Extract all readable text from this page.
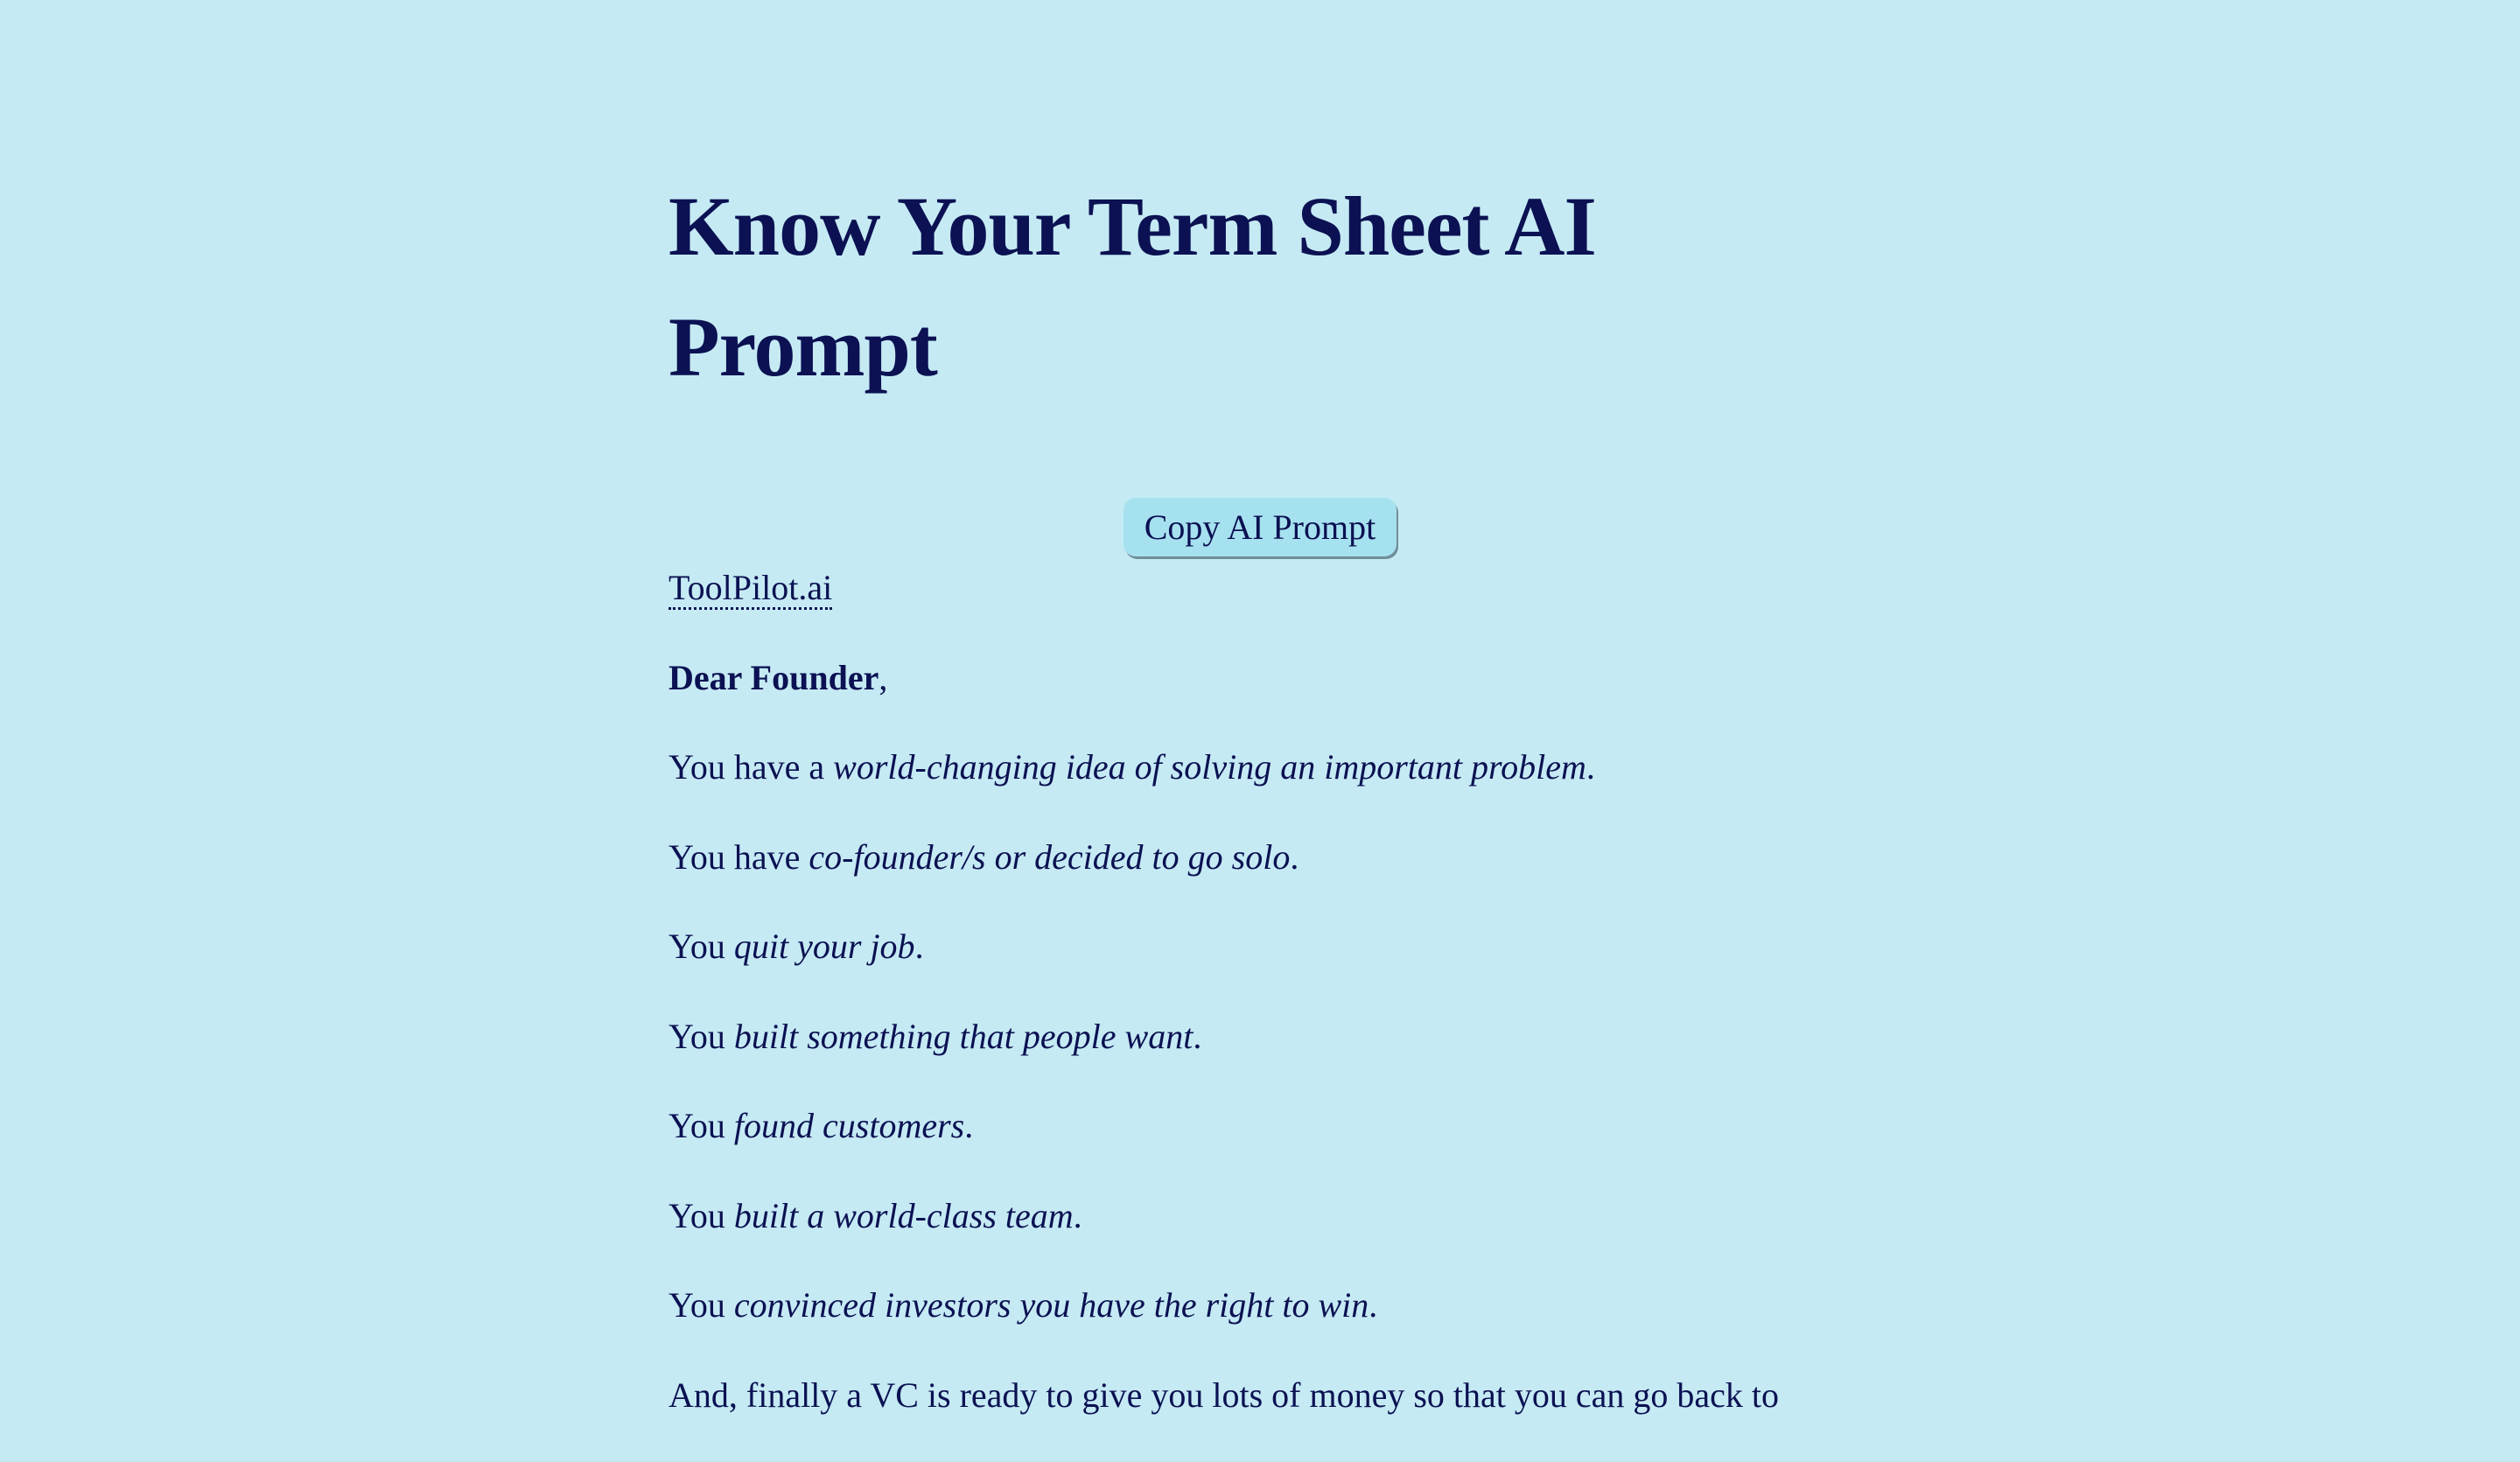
Know Your Term Sheet AI Prompt
Copy AI Prompt

ToolPilot.ai

Dear Founder,

You have a world-changing idea of solving an important problem.

You have co-founder/s or decided to go solo.

You quit your job.

You built something that people want.

You found customers.

You built a world-class team.

You convinced investors you have the right to win.

And, finally a VC is ready to give you lots of money so that you can go back to
